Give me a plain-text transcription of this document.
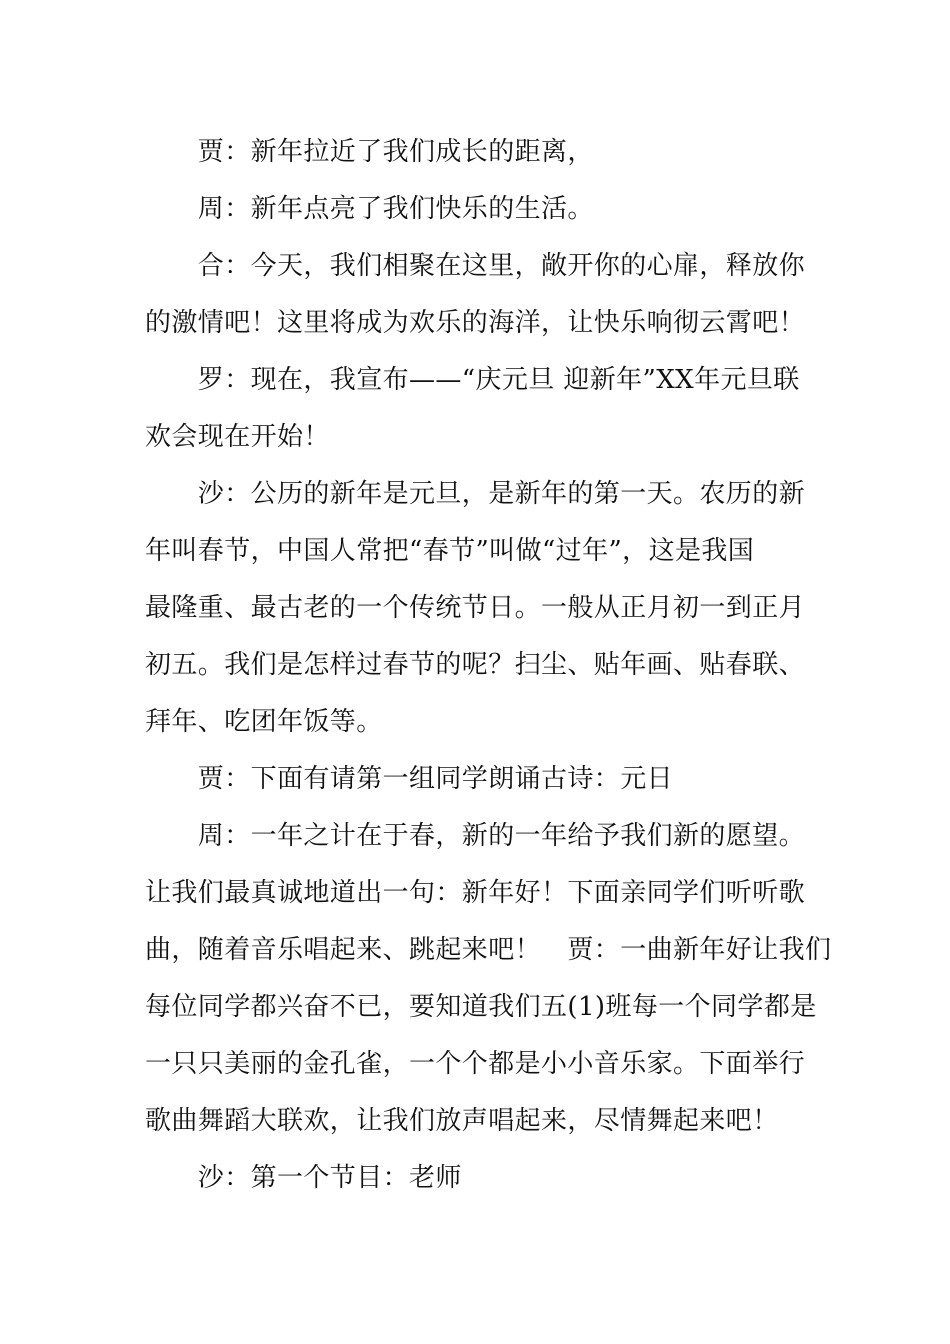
　　贾：新年拉近了我们成长的距离，
　　周：新年点亮了我们快乐的生活。
　　合：今天，我们相聚在这里，敞开你的心扉，释放你
的激情吧！这里将成为欢乐的海洋，让快乐响彻云霄吧！
　　罗：现在，我宣布——“庆元旦 迎新年”XX年元旦联
欢会现在开始！
　　沙：公历的新年是元旦，是新年的第一天。农历的新
年叫春节，中国人常把“春节”叫做“过年”，这是我国
最隆重、最古老的一个传统节日。一般从正月初一到正月
初五。我们是怎样过春节的呢？扫尘、贴年画、贴春联、
拜年、吃团年饭等。
　　贾：下面有请第一组同学朗诵古诗：元日
　　周：一年之计在于春，新的一年给予我们新的愿望。
让我们最真诚地道出一句：新年好！下面亲同学们听听歌
曲，随着音乐唱起来、跳起来吧！　贾：一曲新年好让我们
每位同学都兴奋不已，要知道我们五(1)班每一个同学都是
一只只美丽的金孔雀，一个个都是小小音乐家。下面举行
歌曲舞蹈大联欢，让我们放声唱起来，尽情舞起来吧！
　　沙：第一个节目：老师
